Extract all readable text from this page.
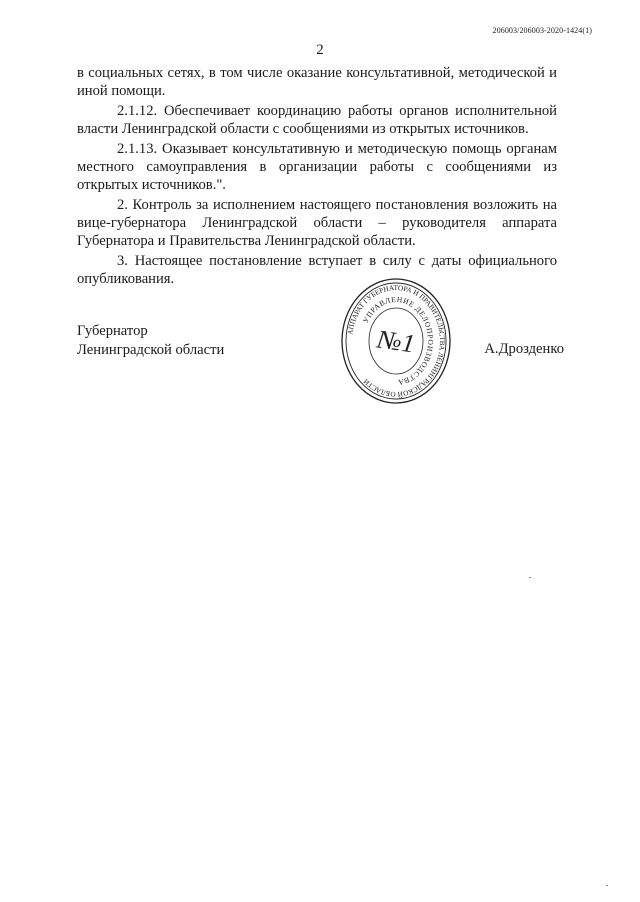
206003/206003-2020-1424(1)
2

в социальных сетях, в том числе оказание консультативной, методической и иной помощи.

2.1.12. Обеспечивает координацию работы органов исполнительной власти Ленинградской области с сообщениями из открытых источников.

2.1.13. Оказывает консультативную и методическую помощь органам местного самоуправления в организации работы с сообщениями из открытых источников.".

2. Контроль за исполнением настоящего постановления возложить на вице-губернатора Ленинградской области – руководителя аппарата Губернатора и Правительства Ленинградской области.

3. Настоящее постановление вступает в силу с даты официального опубликования.

Губернатор
Ленинградской области	А.Дрозденко
АППАРАТ ГУБЕРНАТОРА И ПРАВИТЕЛЬСТВА ЛЕНИНГРАДСКОЙ ОБЛАСТИ
УПРАВЛЕНИЕ ДЕЛОПРОИЗВОДСТВА
№1
